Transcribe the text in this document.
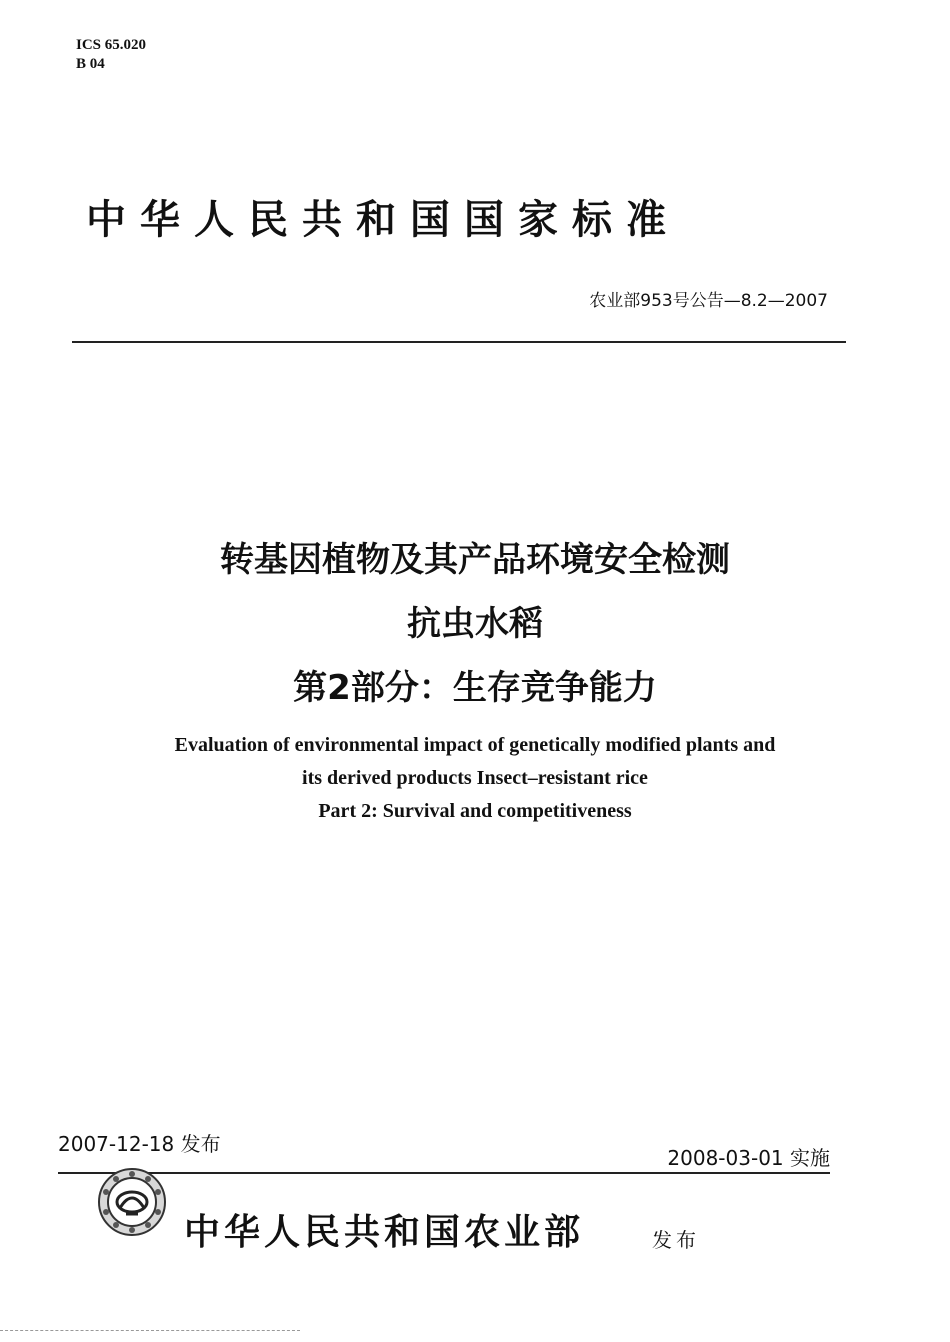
ICS 65.020
B 04
中华人民共和国国家标准
农业部953号公告—8.2—2007
转基因植物及其产品环境安全检测
抗虫水稻
第2部分：生存竞争能力
Evaluation of environmental impact of genetically modified plants and
its derived products Insect–resistant rice
Part 2: Survival and competitiveness
2007-12-18 发布
2008-03-01 实施
中华人民共和国农业部	发布
